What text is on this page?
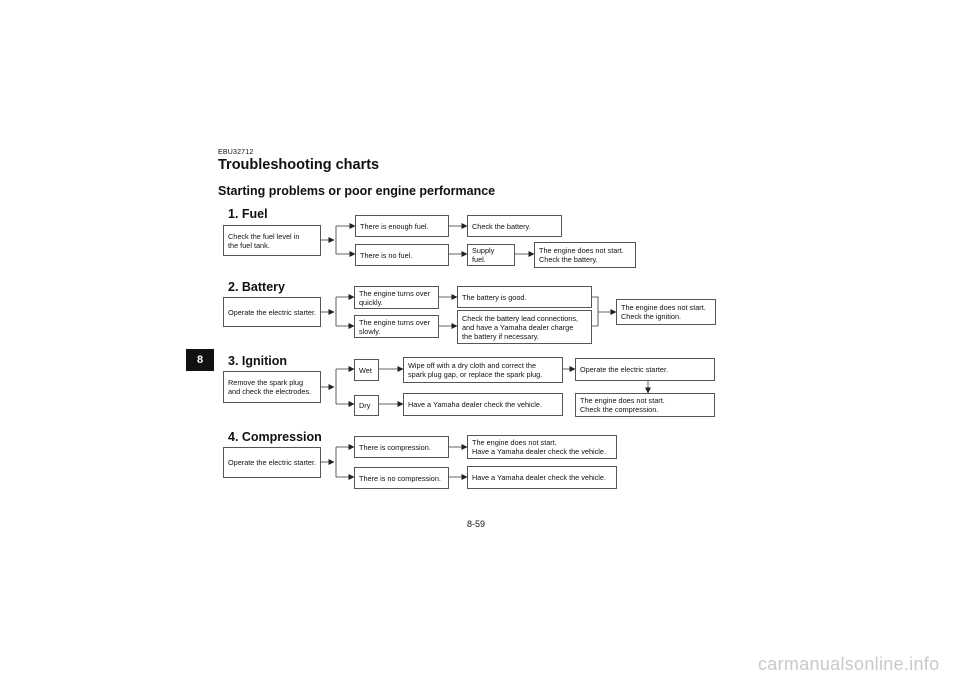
EBU32712
Troubleshooting charts
Starting problems or poor engine performance
8
1. Fuel
Check the fuel level in
the fuel tank.
There is enough fuel.	Check the battery.
There is no fuel.	Supply fuel.
The engine does not start.
Check the battery.
2. Battery
Operate the electric starter.
The engine turns over
quickly.
The battery is good.
The engine turns over
slowly.
Check the battery lead connections,
and have a Yamaha dealer charge
the battery if necessary.
The engine does not start.
Check the ignition.
3. Ignition
Remove the spark plug
and check the electrodes.
Wet	Wipe off with a dry cloth and correct the
spark plug gap, or replace the spark plug.
Operate the electric starter.
The engine does not start.
Check the compression.
Dry	Have a Yamaha dealer check the vehicle.
4. Compression
Operate the electric starter.
There is compression.	The engine does not start.
Have a Yamaha dealer check the vehicle.
There is no compression.	Have a Yamaha dealer check the vehicle.
8-59
carmanualsonline.info
